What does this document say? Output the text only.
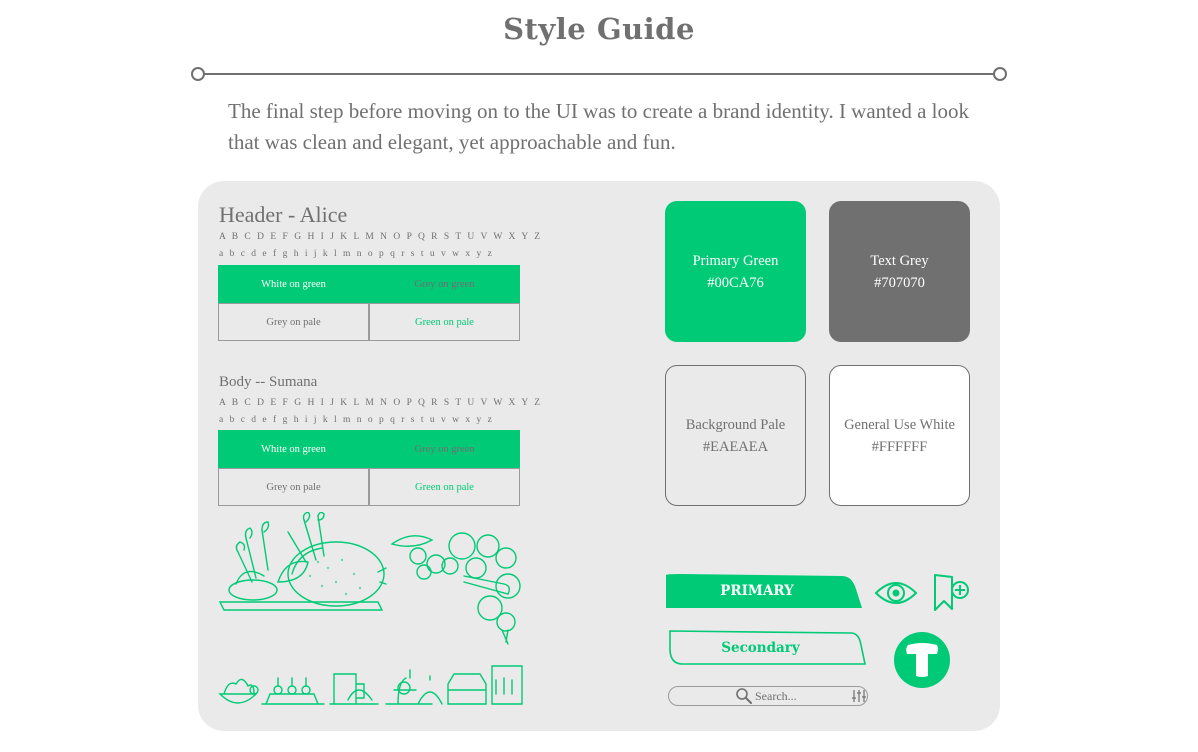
Style Guide

The final step before moving on to the UI was to create a brand identity. I wanted a look that was clean and elegant, yet approachable and fun.

Header - Alice
A B C D E F G H I J K L M N O P Q R S T U V W X Y Z
a b c d e f g h i j k l m n o p q r s t u v w x y z
White on green	Grey on green
Grey on pale	Green on pale
Body -- Sumana
A B C D E F G H I J K L M N O P Q R S T U V W X Y Z
a b c d e f g h i j k l m n o p q r s t u v w x y z
White on green	Grey on green
Grey on pale	Green on pale
Primary Green
#00CA76
Text Grey
#707070
Background Pale
#EAEAEA
General Use White
#FFFFFF
PRIMARY
Secondary
Search...
